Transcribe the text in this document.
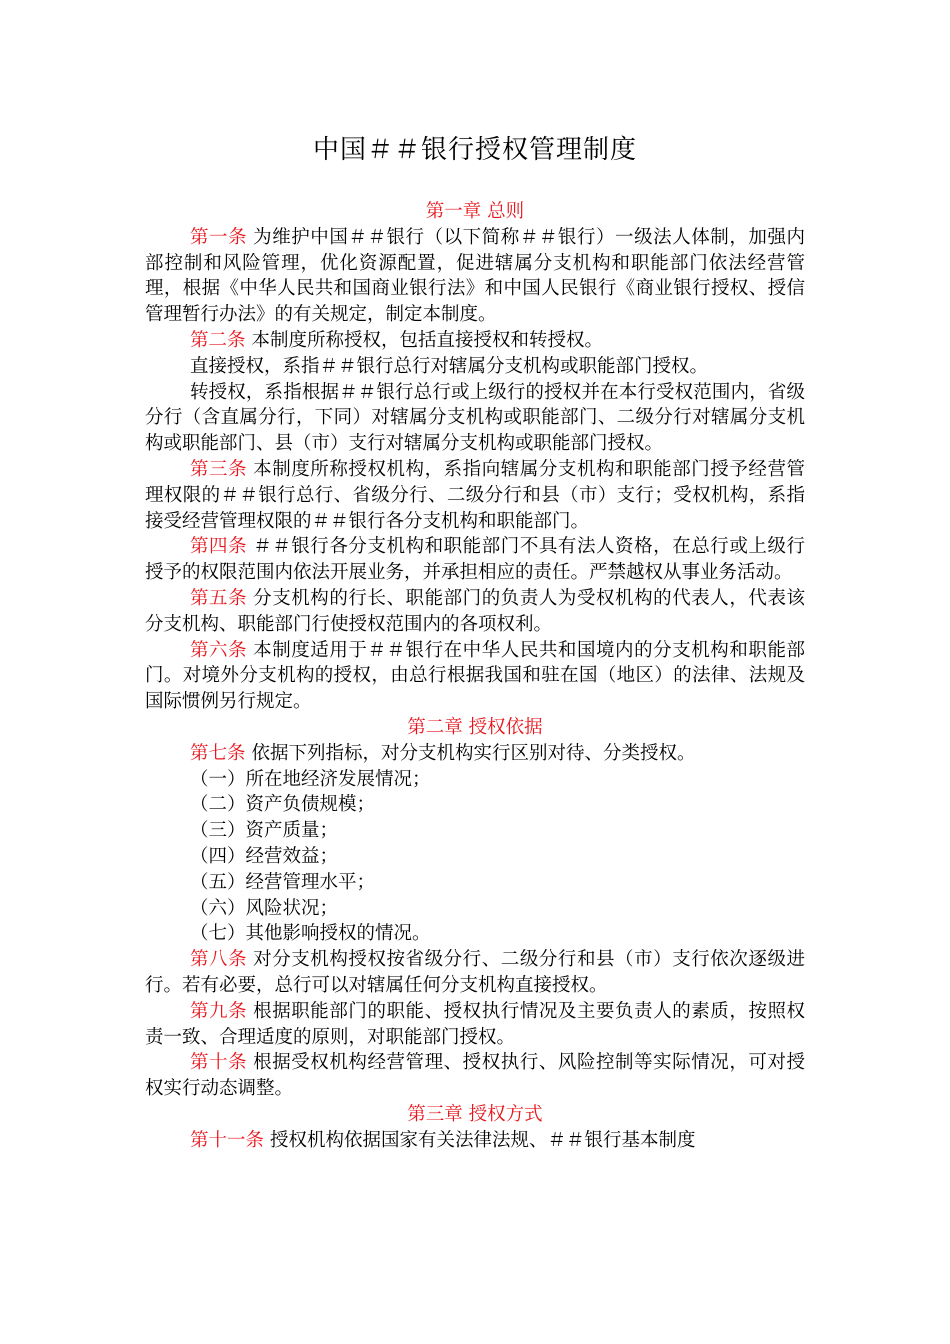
中国＃＃银行授权管理制度
第一章 总则

第一条 为维护中国＃＃银行（以下简称＃＃银行）一级法人体制，加强内部控制和风险管理，优化资源配置，促进辖属分支机构和职能部门依法经营管理，根据《中华人民共和国商业银行法》和中国人民银行《商业银行授权、授信管理暂行办法》的有关规定，制定本制度。

第二条 本制度所称授权，包括直接授权和转授权。

直接授权，系指＃＃银行总行对辖属分支机构或职能部门授权。

转授权，系指根据＃＃银行总行或上级行的授权并在本行受权范围内，省级分行（含直属分行，下同）对辖属分支机构或职能部门、二级分行对辖属分支机构或职能部门、县（市）支行对辖属分支机构或职能部门授权。

第三条 本制度所称授权机构，系指向辖属分支机构和职能部门授予经营管理权限的＃＃银行总行、省级分行、二级分行和县（市）支行；受权机构，系指接受经营管理权限的＃＃银行各分支机构和职能部门。

第四条 ＃＃银行各分支机构和职能部门不具有法人资格，在总行或上级行授予的权限范围内依法开展业务，并承担相应的责任。严禁越权从事业务活动。

第五条 分支机构的行长、职能部门的负责人为受权机构的代表人，代表该分支机构、职能部门行使授权范围内的各项权利。

第六条 本制度适用于＃＃银行在中华人民共和国境内的分支机构和职能部门。对境外分支机构的授权，由总行根据我国和驻在国（地区）的法律、法规及国际惯例另行规定。

第二章 授权依据

第七条 依据下列指标，对分支机构实行区别对待、分类授权。

（一）所在地经济发展情况；

（二）资产负债规模；

（三）资产质量；

（四）经营效益；

（五）经营管理水平；

（六）风险状况；

（七）其他影响授权的情况。

第八条 对分支机构授权按省级分行、二级分行和县（市）支行依次逐级进行。若有必要，总行可以对辖属任何分支机构直接授权。

第九条 根据职能部门的职能、授权执行情况及主要负责人的素质，按照权责一致、合理适度的原则，对职能部门授权。

第十条 根据受权机构经营管理、授权执行、风险控制等实际情况，可对授权实行动态调整。

第三章 授权方式

第十一条 授权机构依据国家有关法律法规、＃＃银行基本制度
